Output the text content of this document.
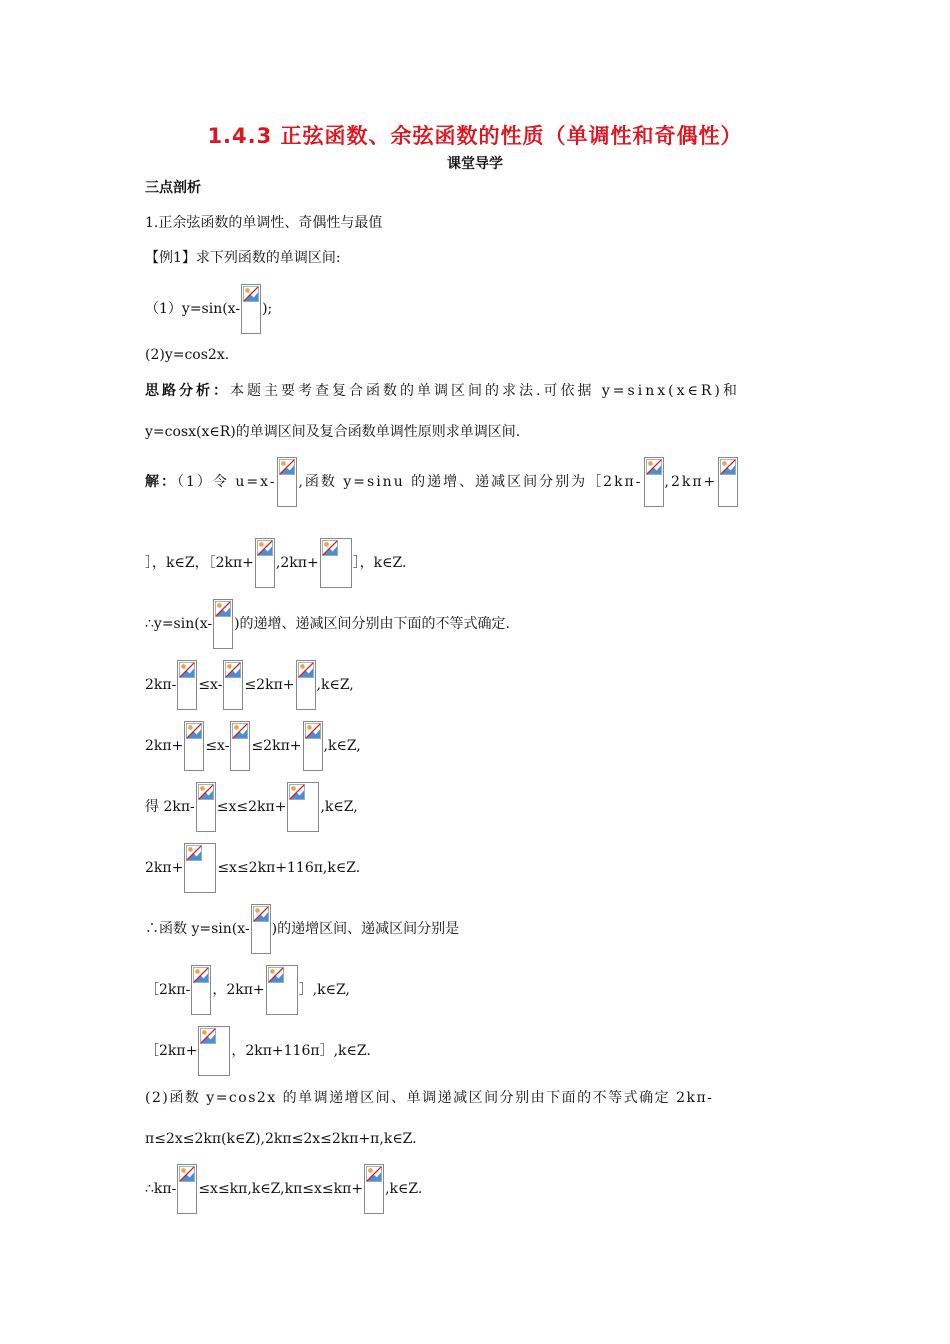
1.4.3 正弦函数、余弦函数的性质（单调性和奇偶性）
课堂导学
三点剖析
1.正余弦函数的单调性、奇偶性与最值
【例1】求下列函数的单调区间:
（1）y=sin(x- );
(2)y=cos2x.
思路分析：本题主要考查复合函数的单调区间的求法.可依据 y=sinx(x∈R)和
y=cosx(x∈R)的单调区间及复合函数单调性原则求单调区间.
解：（1）令 u=x- ,函数 y=sinu 的递增、递减区间分别为［2kπ- ,2kπ+
］，k∈Z，［2kπ+ ,2kπ+ ］，k∈Z.
∴y=sin(x- )的递增、递减区间分别由下面的不等式确定.
2kπ- ≤x- ≤2kπ+ ,k∈Z,
2kπ+ ≤x- ≤2kπ+ ,k∈Z,
得 2kπ- ≤x≤2kπ+ ,k∈Z,
2kπ+ ≤x≤2kπ+116π,k∈Z.
∴函数 y=sin(x- )的递增区间、递减区间分别是
［2kπ- ，2kπ+ ］,k∈Z,
［2kπ+ ，2kπ+116π］,k∈Z.
(2)函数 y=cos2x 的单调递增区间、单调递减区间分别由下面的不等式确定 2kπ-
π≤2x≤2kπ(k∈Z),2kπ≤2x≤2kπ+π,k∈Z.
∴kπ- ≤x≤kπ,k∈Z,kπ≤x≤kπ+ ,k∈Z.
